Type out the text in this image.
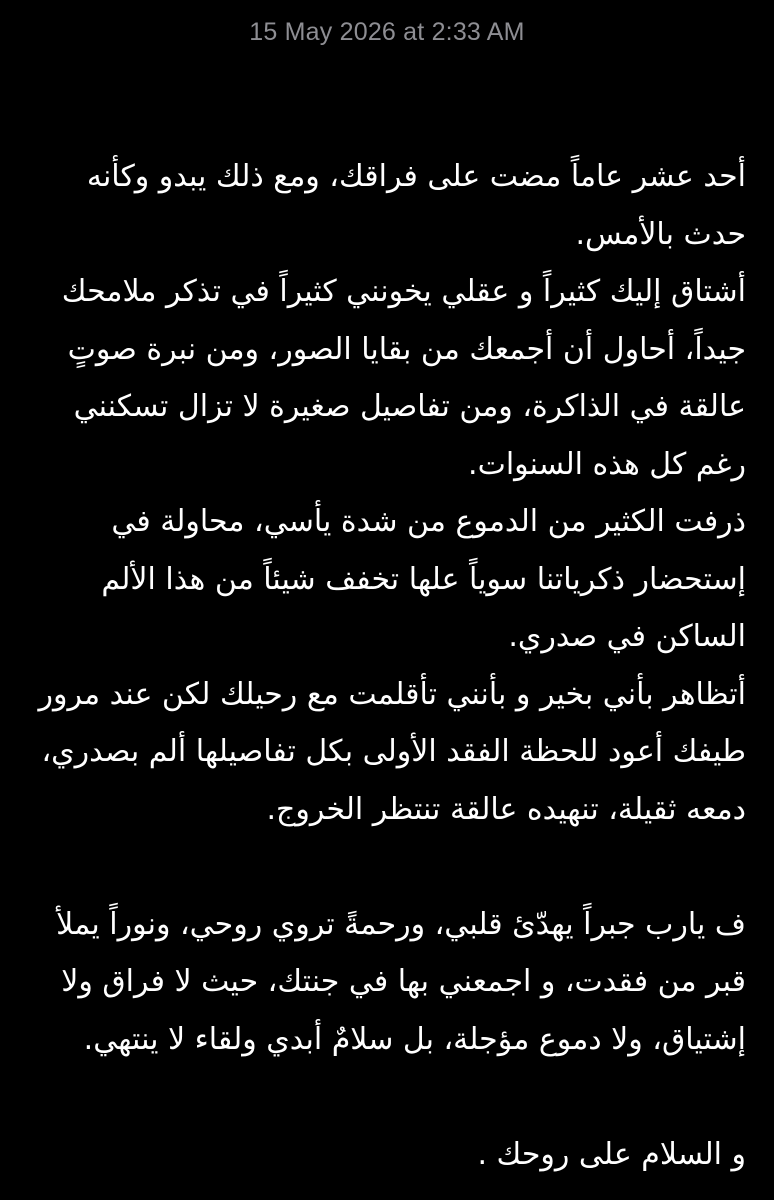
15 May 2026 at 2:33 AM

أحد عشر عاماً مضت على فراقك، ومع ذلك يبدو وكأنه حدث بالأمس.

أشتاق إليك كثيراً و عقلي يخونني كثيراً في تذكر ملامحك جيداً، أحاول أن أجمعك من بقايا الصور، ومن نبرة صوتٍ عالقة في الذاكرة، ومن تفاصيل صغيرة لا تزال تسكنني رغم كل هذه السنوات.

ذرفت الكثير من الدموع من شدة يأسي، محاولة في إستحضار ذكرياتنا سوياً علها تخفف شيئاً من هذا الألم الساكن في صدري.

أتظاهر بأني بخير و بأنني تأقلمت مع رحيلك لكن عند مرور طيفك أعود للحظة الفقد الأولى بكل تفاصيلها ألم بصدري، دمعه ثقيلة، تنهيده عالقة تنتظر الخروج.

ف يارب جبراً يهدّئ قلبي، ورحمةً تروي روحي، ونوراً يملأ قبر من فقدت، و اجمعني بها في جنتك، حيث لا فراق ولا إشتياق، ولا دموع مؤجلة، بل سلامٌ أبدي ولقاء لا ينتهي.

و السلام على روحك .
